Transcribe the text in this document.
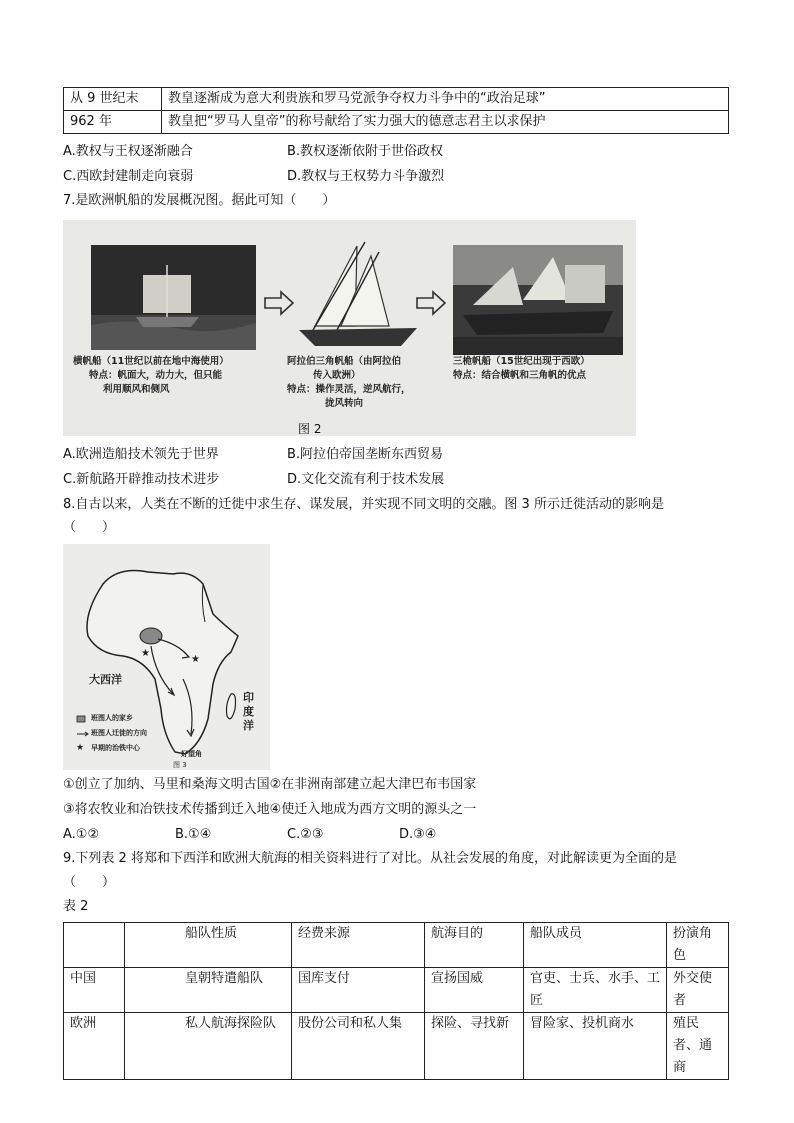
从 9 世纪末	教皇逐渐成为意大利贵族和罗马党派争夺权力斗争中的“政治足球”
962 年	教皇把“罗马人皇帝”的称号献给了实力强大的德意志君主以求保护
A.教权与王权逐渐融合	B.教权逐渐依附于世俗政权
C.西欧封建制走向衰弱	D.教权与王权势力斗争激烈
7.是欧洲帆船的发展概况图。据此可知（　　）
横帆船（11世纪以前在地中海使用）
特点：帆面大，动力大，但只能
利用顺风和侧风
阿拉伯三角帆船（由阿拉伯
传入欧洲）
特点：操作灵活，逆风航行，
拢风转向
三桅帆船（15世纪出现于西欧）
特点：结合横帆和三角帆的优点
图 2
A.欧洲造船技术领先于世界	B.阿拉伯帝国垄断东西贸易
C.新航路开辟推动技术进步	D.文化交流有利于技术发展
8.自古以来，人类在不断的迁徙中求生存、谋发展，并实现不同文明的交融。图 3 所示迁徙活动的影响是
（　　）
★
★
★
大西洋
印
度
洋
班图人的家乡
班图人迁徙的方向
早期的治铁中心
好望角
图 3
①创立了加纳、马里和桑海文明古国②在非洲南部建立起大津巴布韦国家
③将农牧业和冶铁技术传播到迁入地④使迁入地成为西方文明的源头之一
A.①②	B.①④	C.②③	D.③④
9.下列表 2 将郑和下西洋和欧洲大航海的相关资料进行了对比。从社会发展的角度，对此解读更为全面的是
（　　）
表 2
	船队性质	经费来源	航海目的	船队成员	扮演角色
中国	皇朝特遣船队	国库支付	宣扬国威	官吏、士兵、水手、工匠	外交使者
欧洲	私人航海探险队	股份公司和私人集	探险、寻找新	冒险家、投机商水	殖民者、通商
